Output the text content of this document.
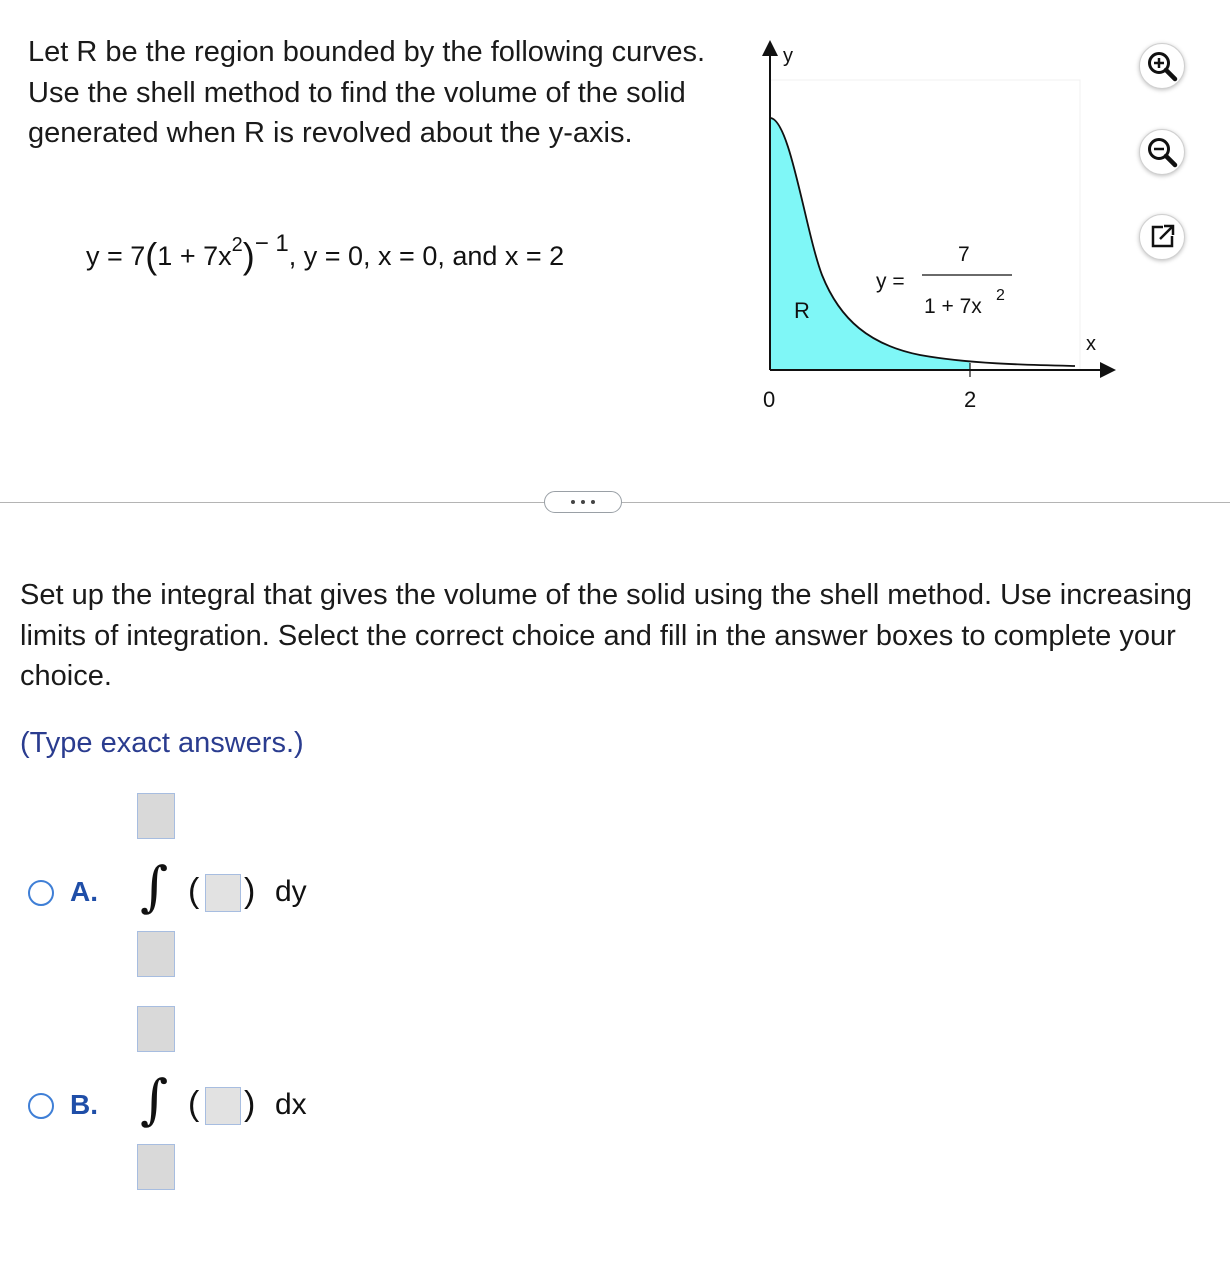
Let R be the region bounded by the following curves. Use the shell method to find the volume of the solid generated when R is revolved about the y-axis.
$y = 7(1 + 7x^2)- 1$, y = 0, x = 0, and x = 2
y
x
R
0	2
y =
7
1 + 7x 2
Set up the integral that gives the volume of the solid using the shell method. Use increasing limits of integration. Select the correct choice and fill in the answer boxes to complete your choice.
(Type exact answers.)
A. ∫ ( ) dy
B. ∫ ( ) dx
